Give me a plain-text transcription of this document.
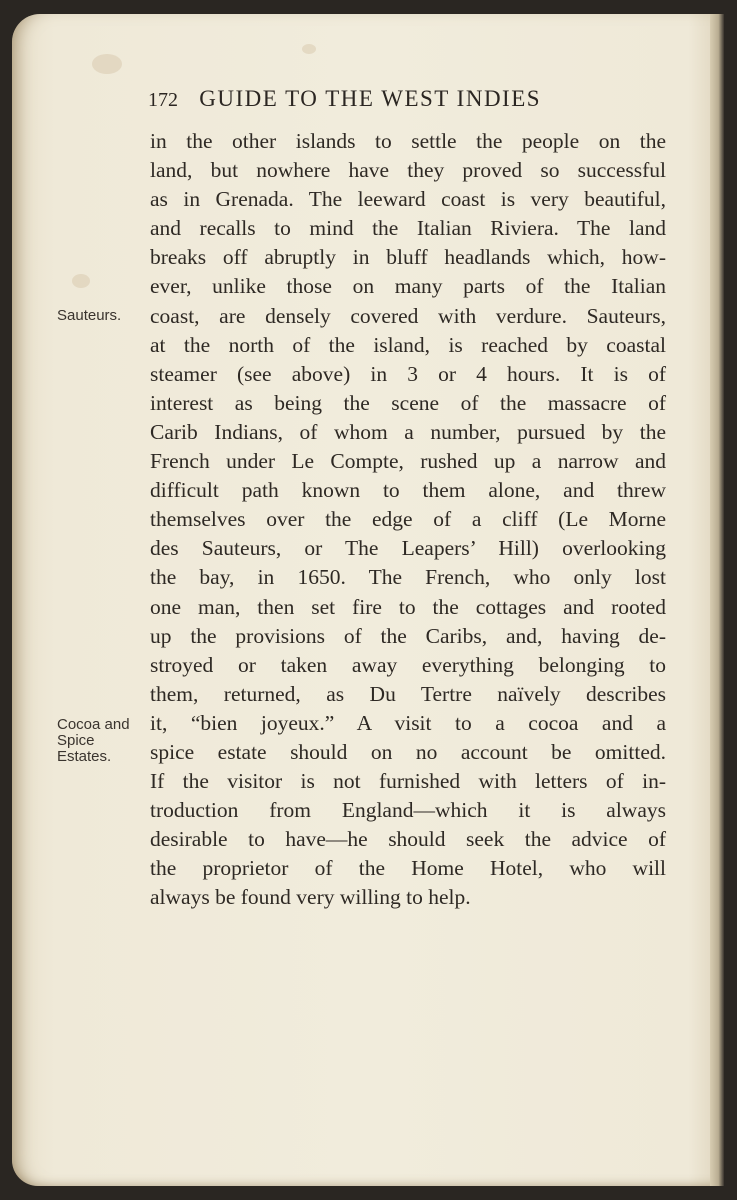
172 GUIDE TO THE WEST INDIES
Sauteurs.
Cocoa and
Spice
Estates.
in the other islands to settle the people on the
land, but nowhere have they proved so successful
as in Grenada. The leeward coast is very beautiful,
and recalls to mind the Italian Riviera. The land
breaks off abruptly in bluff headlands which, how-
ever, unlike those on many parts of the Italian
coast, are densely covered with verdure. Sauteurs,
at the north of the island, is reached by coastal
steamer (see above) in 3 or 4 hours. It is of
interest as being the scene of the massacre of
Carib Indians, of whom a number, pursued by the
French under Le Compte, rushed up a narrow and
difficult path known to them alone, and threw
themselves over the edge of a cliff (Le Morne
des Sauteurs, or The Leapers’ Hill) overlooking
the bay, in 1650. The French, who only lost
one man, then set fire to the cottages and rooted
up the provisions of the Caribs, and, having de-
stroyed or taken away everything belonging to
them, returned, as Du Tertre naïvely describes
it, “bien joyeux.” A visit to a cocoa and a
spice estate should on no account be omitted.
If the visitor is not furnished with letters of in-
troduction from England—which it is always
desirable to have—he should seek the advice of
the proprietor of the Home Hotel, who will
always be found very willing to help.
